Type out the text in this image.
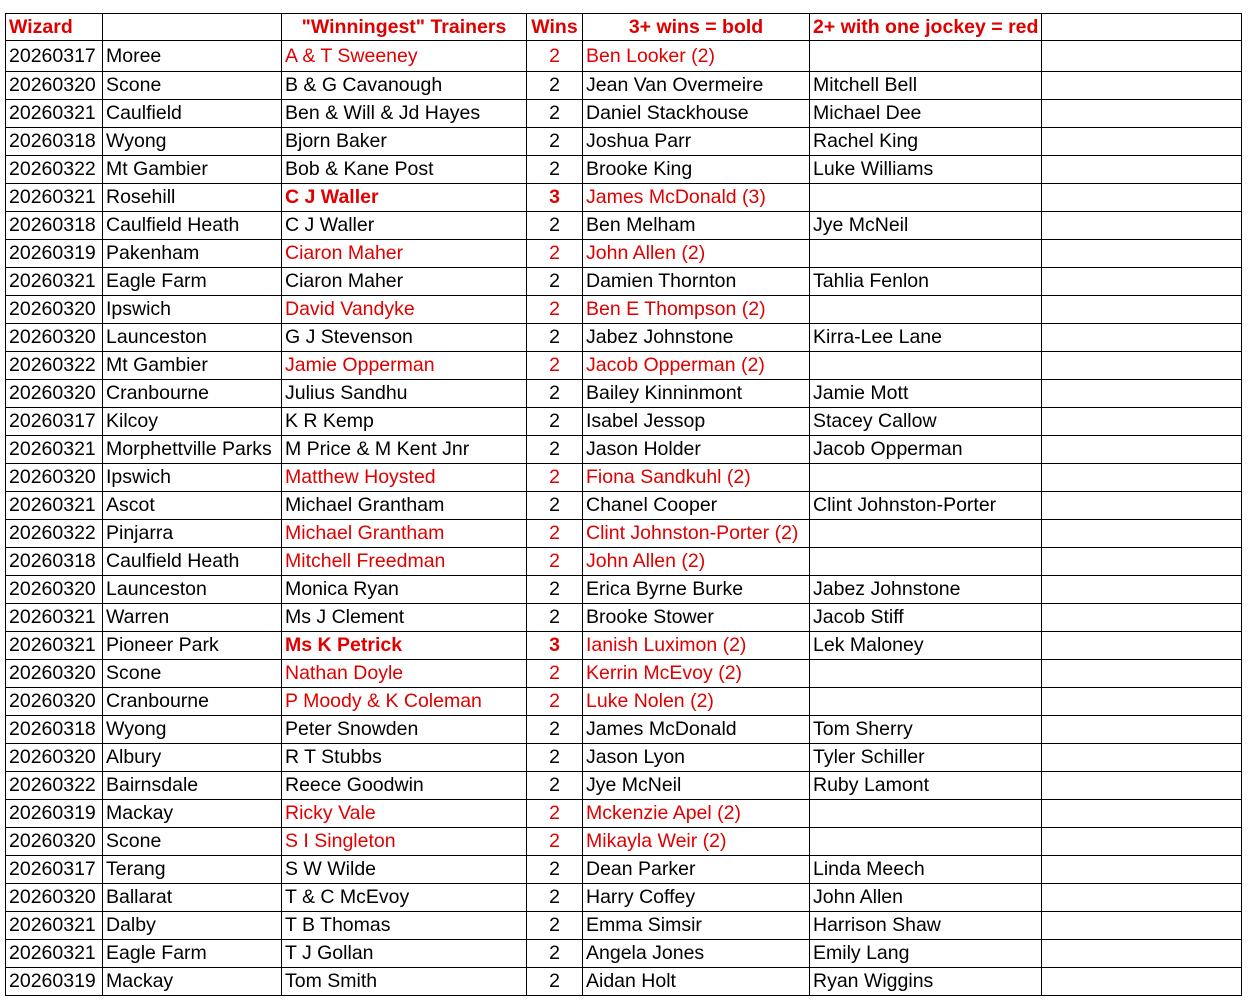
Wizard		"Winningest" Trainers	Wins	3+ wins = bold	2+ with one jockey = red	
20260317	Moree	A & T Sweeney	2	Ben Looker (2)		
20260320	Scone	B & G Cavanough	2	Jean Van Overmeire	Mitchell Bell	
20260321	Caulfield	Ben & Will & Jd Hayes	2	Daniel Stackhouse	Michael Dee	
20260318	Wyong	Bjorn Baker	2	Joshua Parr	Rachel King	
20260322	Mt Gambier	Bob & Kane Post	2	Brooke King	Luke Williams	
20260321	Rosehill	C J Waller	3	James McDonald (3)		
20260318	Caulfield Heath	C J Waller	2	Ben Melham	Jye McNeil	
20260319	Pakenham	Ciaron Maher	2	John Allen (2)		
20260321	Eagle Farm	Ciaron Maher	2	Damien Thornton	Tahlia Fenlon	
20260320	Ipswich	David Vandyke	2	Ben E Thompson (2)		
20260320	Launceston	G J Stevenson	2	Jabez Johnstone	Kirra-Lee Lane	
20260322	Mt Gambier	Jamie Opperman	2	Jacob Opperman (2)		
20260320	Cranbourne	Julius Sandhu	2	Bailey Kinninmont	Jamie Mott	
20260317	Kilcoy	K R Kemp	2	Isabel Jessop	Stacey Callow	
20260321	Morphettville Parks	M Price & M Kent Jnr	2	Jason Holder	Jacob Opperman	
20260320	Ipswich	Matthew Hoysted	2	Fiona Sandkuhl (2)		
20260321	Ascot	Michael Grantham	2	Chanel Cooper	Clint Johnston-Porter	
20260322	Pinjarra	Michael Grantham	2	Clint Johnston-Porter (2)		
20260318	Caulfield Heath	Mitchell Freedman	2	John Allen (2)		
20260320	Launceston	Monica Ryan	2	Erica Byrne Burke	Jabez Johnstone	
20260321	Warren	Ms J Clement	2	Brooke Stower	Jacob Stiff	
20260321	Pioneer Park	Ms K Petrick	3	Ianish Luximon (2)	Lek Maloney	
20260320	Scone	Nathan Doyle	2	Kerrin McEvoy (2)		
20260320	Cranbourne	P Moody & K Coleman	2	Luke Nolen (2)		
20260318	Wyong	Peter Snowden	2	James McDonald	Tom Sherry	
20260320	Albury	R T Stubbs	2	Jason Lyon	Tyler Schiller	
20260322	Bairnsdale	Reece Goodwin	2	Jye McNeil	Ruby Lamont	
20260319	Mackay	Ricky Vale	2	Mckenzie Apel (2)		
20260320	Scone	S I Singleton	2	Mikayla Weir (2)		
20260317	Terang	S W Wilde	2	Dean Parker	Linda Meech	
20260320	Ballarat	T & C McEvoy	2	Harry Coffey	John Allen	
20260321	Dalby	T B Thomas	2	Emma Simsir	Harrison Shaw	
20260321	Eagle Farm	T J Gollan	2	Angela Jones	Emily Lang	
20260319	Mackay	Tom Smith	2	Aidan Holt	Ryan Wiggins	
